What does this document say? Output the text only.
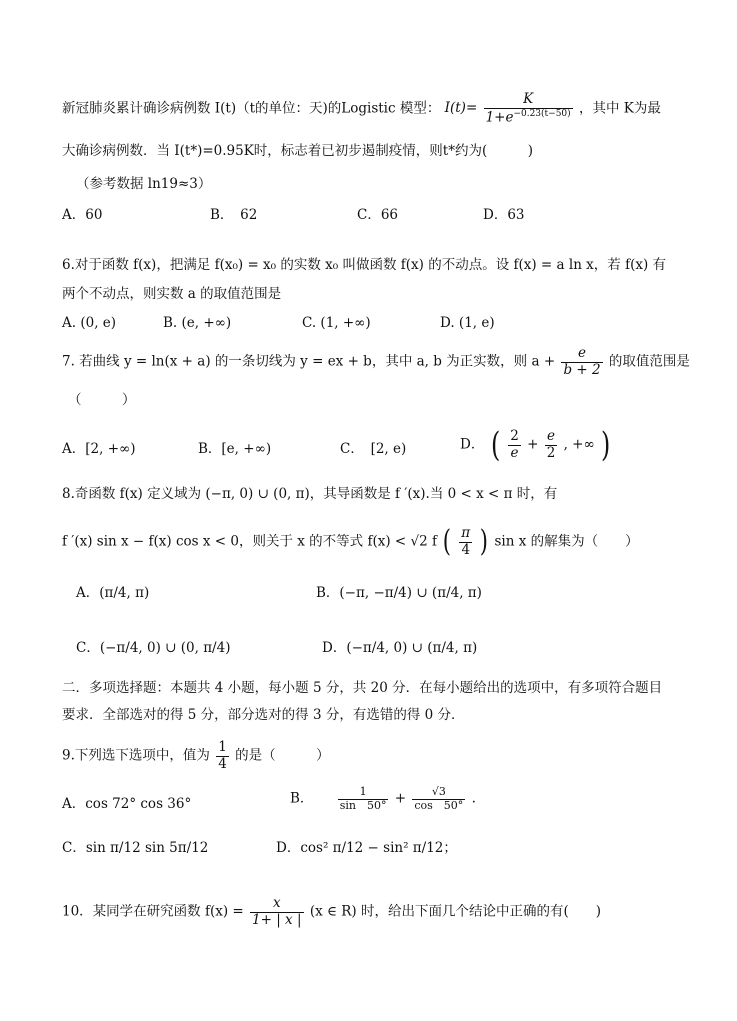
新冠肺炎累计确诊病例数 I(t)（t的单位：天)的Logistic 模型： $I(t)= \frac{K}{1+e^{-0.23(t-50)}}$ ，其中 K为最
大确诊病例数．当 I(t*)=0.95K时，标志着已初步遏制疫情，则t*约为(　　　)
（参考数据 ln19≈3）
A．60	B．　62	C．66	D．63
6.对于函数 f(x)，把满足 f(x₀) = x₀ 的实数 x₀ 叫做函数 f(x) 的不动点。设 f(x) = a ln x，若 f(x) 有
两个不动点，则实数 a 的取值范围是
A. (0, e)	B. (e, +∞)	C. (1, +∞)	D. (1, e)
7. 若曲线 y = ln(x + a) 的一条切线为 y = ex + b，其中 a, b 为正实数，则 $a + \frac{e}{b + 2}$ 的取值范围是
（　　　）
A．[2, +∞)	B．[e, +∞)	C．　[2, e)	D． ( $\frac{2}{e} + \frac{e}{2}$ , +∞ )
8.奇函数 f(x) 定义域为 (−π, 0) ∪ (0, π)，其导函数是 f ′(x).当 0 < x < π 时，有
f ′(x) sin x − f(x) cos x < 0，则关于 x 的不等式 f(x) < √2 f ( $\frac{\pi}{4}$ ) sin x 的解集为（　　）
A．(π/4, π)	B．(−π, −π/4) ∪ (π/4, π)
C．(−π/4, 0) ∪ (0, π/4)	D．(−π/4, 0) ∪ (π/4, π)
二．多项选择题：本题共 4 小题，每小题 5 分，共 20 分．在每小题给出的选项中，有多项符合题目
要求．全部选对的得 5 分，部分选对的得 3 分，有选错的得 0 分．
9.下列选下选项中，值为 $\frac{1}{4}$ 的是（　　　）
A．cos 72° cos 36°	B． $\frac{1}{\sin 50^\circ} + \frac{√3}{\cos 50^\circ}$ .
C．sin π/12 sin 5π/12	D．cos² π/12 − sin² π/12；
10．某同学在研究函数 $f(x) = \frac{x}{1+ | x |} (x$ ∈ R) 时，给出下面几个结论中正确的有(　　)
